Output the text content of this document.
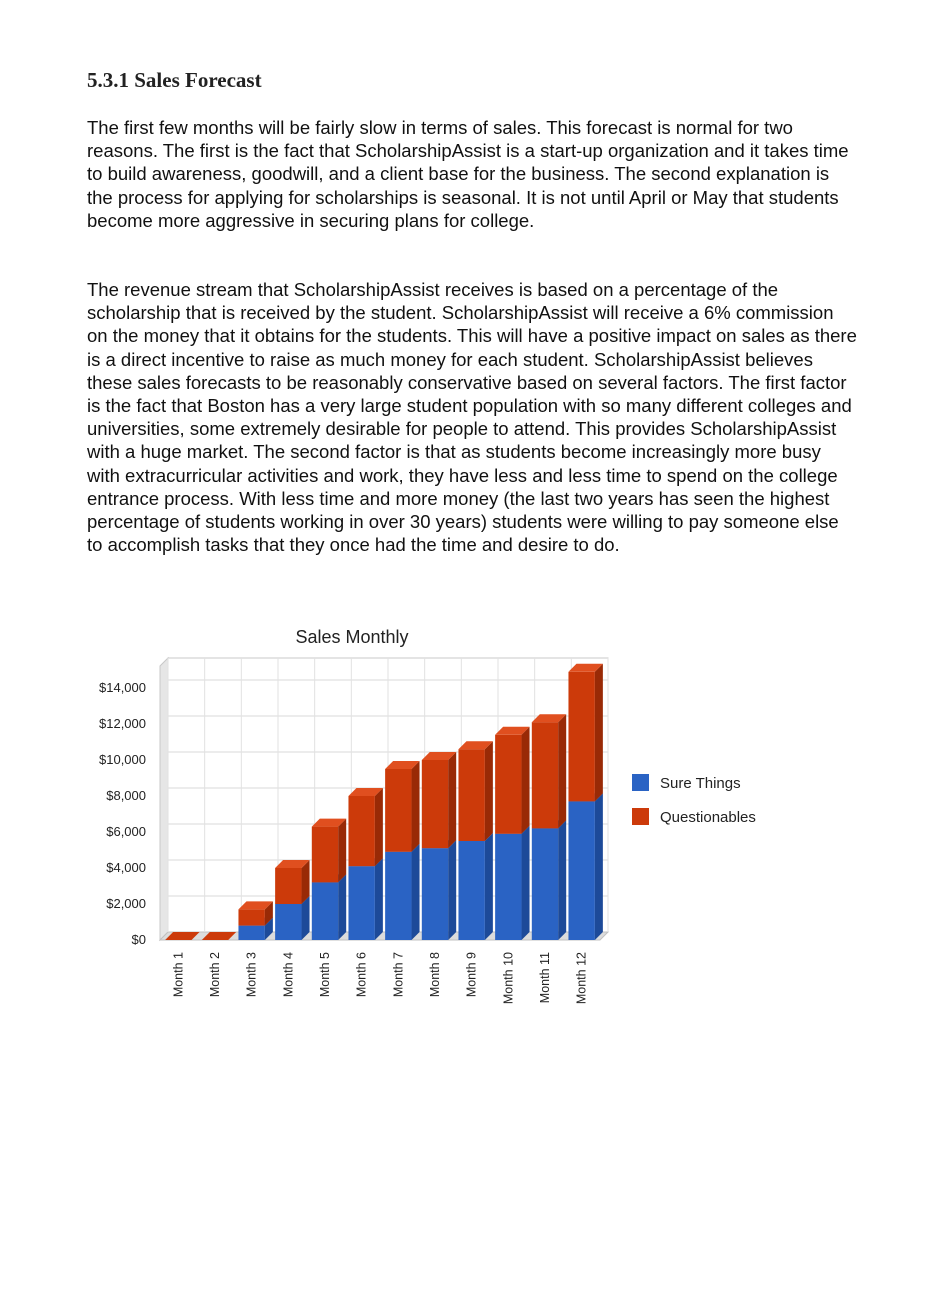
5.3.1 Sales Forecast

The first few months will be fairly slow in terms of sales. This forecast is normal for two reasons. The first is the fact that ScholarshipAssist is a start-up organization and it takes time to build awareness, goodwill, and a client base for the business. The second explanation is the process for applying for scholarships is seasonal. It is not until April or May that students become more aggressive in securing plans for college.

The revenue stream that ScholarshipAssist receives is based on a percentage of the scholarship that is received by the student. ScholarshipAssist will receive a 6% commission on the money that it obtains for the students. This will have a positive impact on sales as there is a direct incentive to raise as much money for each student. ScholarshipAssist believes these sales forecasts to be reasonably conservative based on several factors. The first factor is the fact that Boston has a very large student population with so many different colleges and universities, some extremely desirable for people to attend. This provides ScholarshipAssist with a huge market. The second factor is that as students become increasingly more busy with extracurricular activities and work, they have less and less time to spend on the college entrance process. With less time and more money (the last two years has seen the highest percentage of students working in over 30 years) students were willing to pay someone else to accomplish tasks that they once had the time and desire to do.

Sales Monthly
$0
$2,000
$4,000
$6,000
$8,000
$10,000
$12,000
$14,000
Month 1 Month 2 Month 3 Month 4 Month 5 Month 6 Month 7 Month 8 Month 9 Month 10 Month 11 Month 12
Sure Things
Questionables
